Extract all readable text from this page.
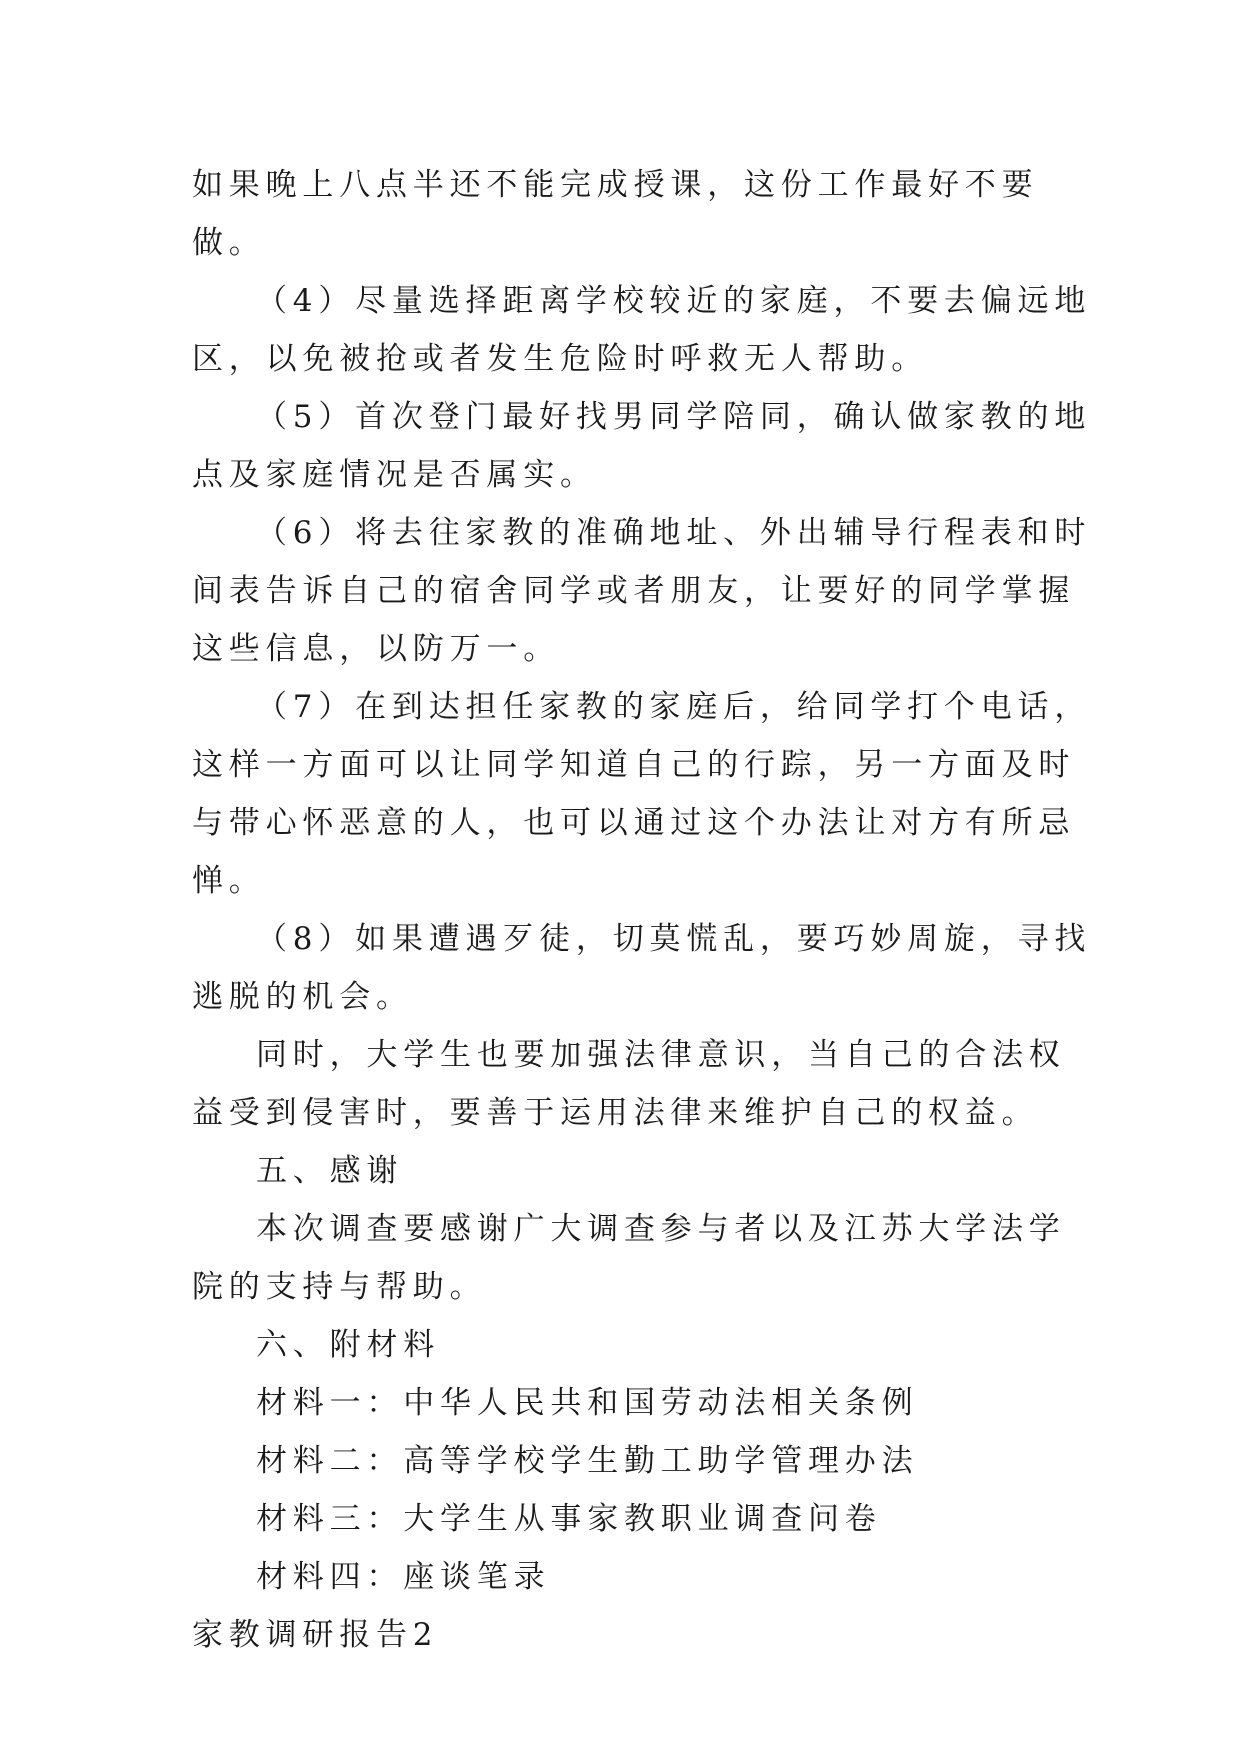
如果晚上八点半还不能完成授课，这份工作最好不要做。

（4）尽量选择距离学校较近的家庭，不要去偏远地区，以免被抢或者发生危险时呼救无人帮助。

（5）首次登门最好找男同学陪同，确认做家教的地点及家庭情况是否属实。

（6）将去往家教的准确地址、外出辅导行程表和时间表告诉自己的宿舍同学或者朋友，让要好的同学掌握这些信息，以防万一。

（7）在到达担任家教的家庭后，给同学打个电话，这样一方面可以让同学知道自己的行踪，另一方面及时与带心怀恶意的人，也可以通过这个办法让对方有所忌惮。

（8）如果遭遇歹徒，切莫慌乱，要巧妙周旋，寻找逃脱的机会。

同时，大学生也要加强法律意识，当自己的合法权益受到侵害时，要善于运用法律来维护自己的权益。

五、感谢

本次调查要感谢广大调查参与者以及江苏大学法学院的支持与帮助。

六、附材料

材料一：中华人民共和国劳动法相关条例

材料二：高等学校学生勤工助学管理办法

材料三：大学生从事家教职业调查问卷

材料四：座谈笔录

家教调研报告2
